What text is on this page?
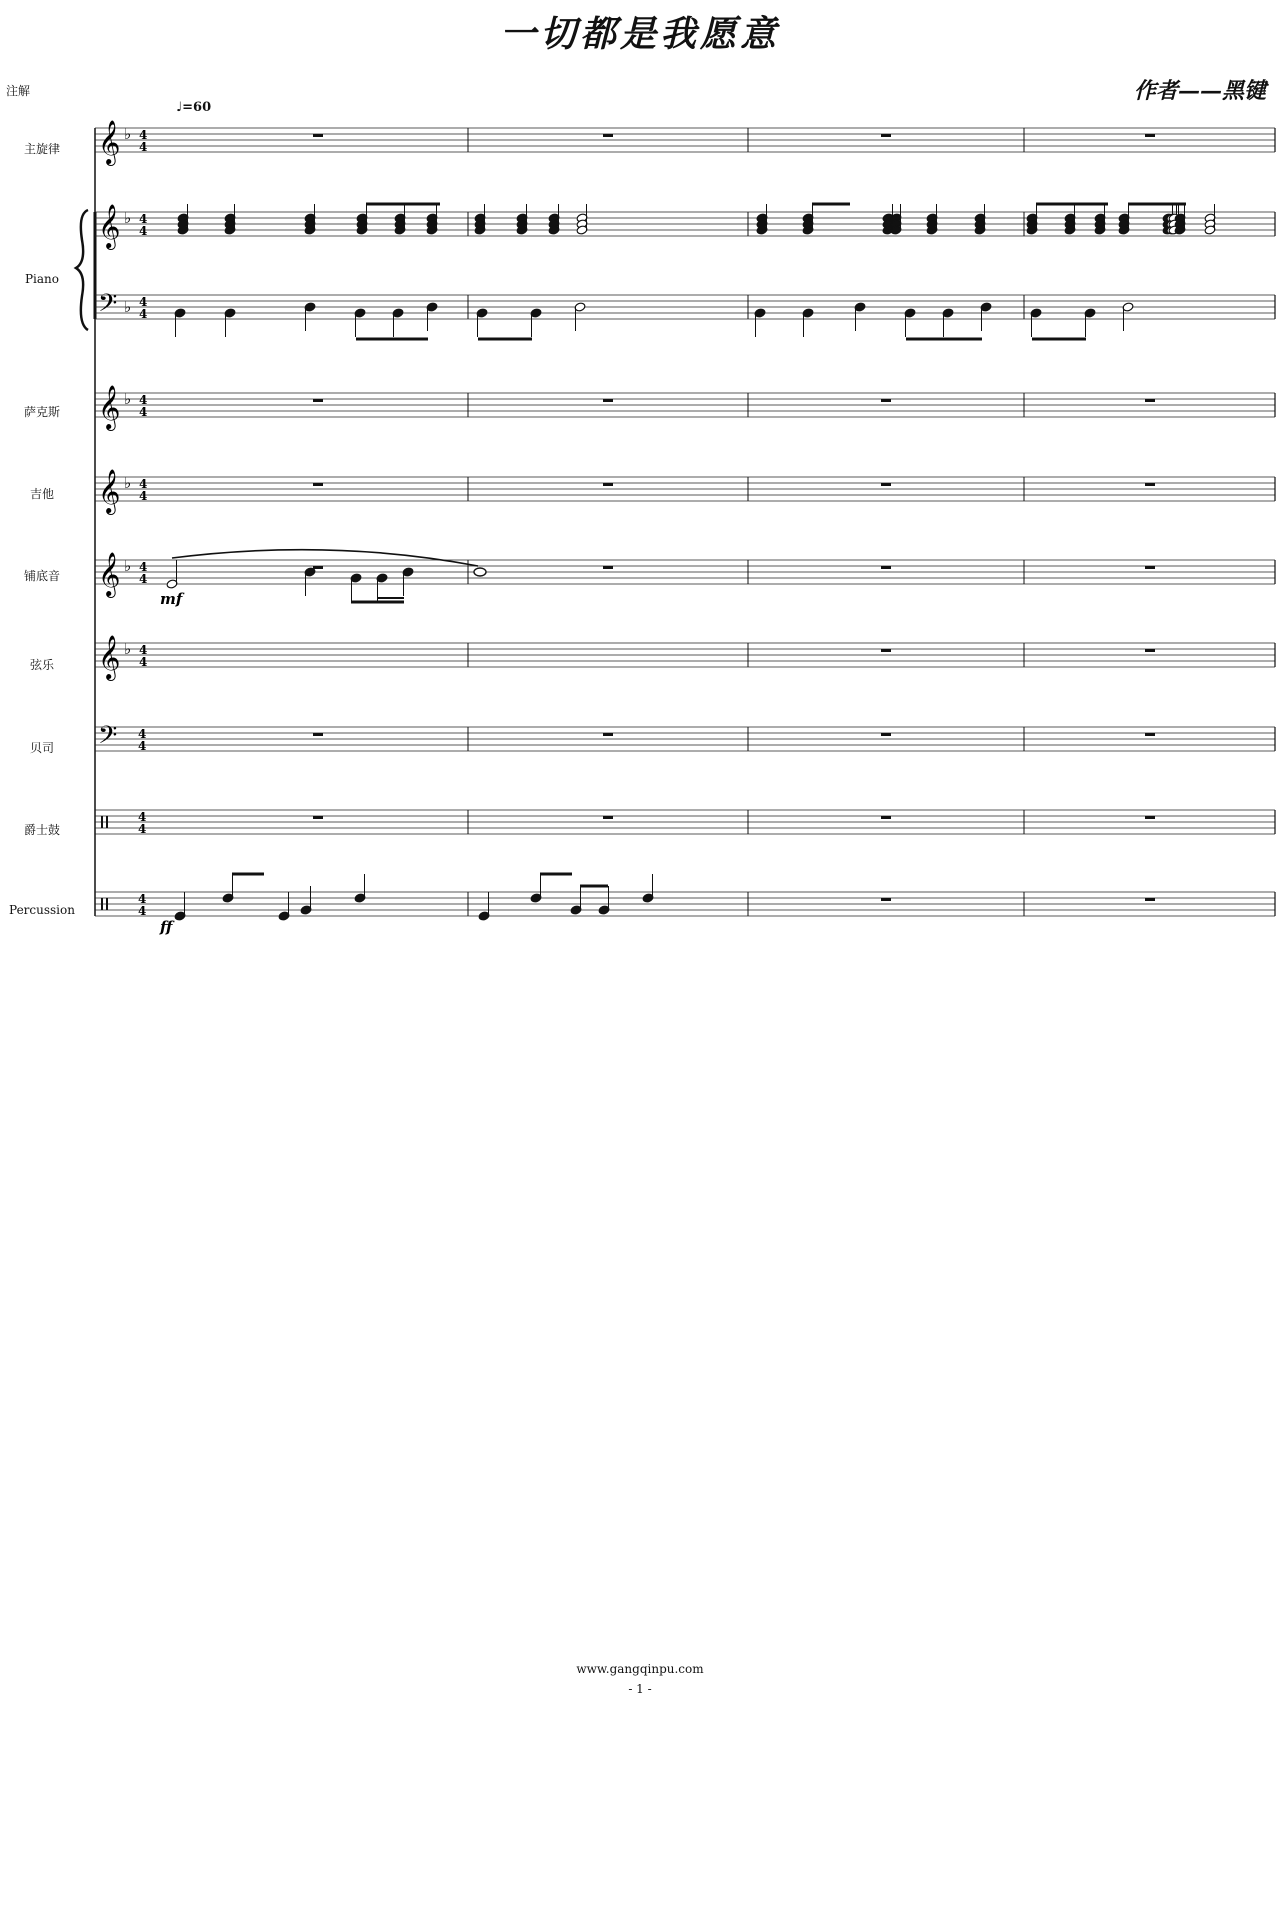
一切都是我愿意
作者——黑键
注解
♩=60
主旋律
Piano
萨克斯
吉他
铺底音
弦乐
贝司
爵士鼓
Percussion
𝄞 ♭ 4
4
𝄞 ♭ 4
4
𝄢 ♭ 4
4
𝄞 ♭ 4
4
𝄞 ♭ 4
4
𝄞 ♭ 4
4
𝄞 ♭ 4
4
𝄢 4
4
4
4
4
4
mf
ff
www.gangqinpu.com
- 1 -
